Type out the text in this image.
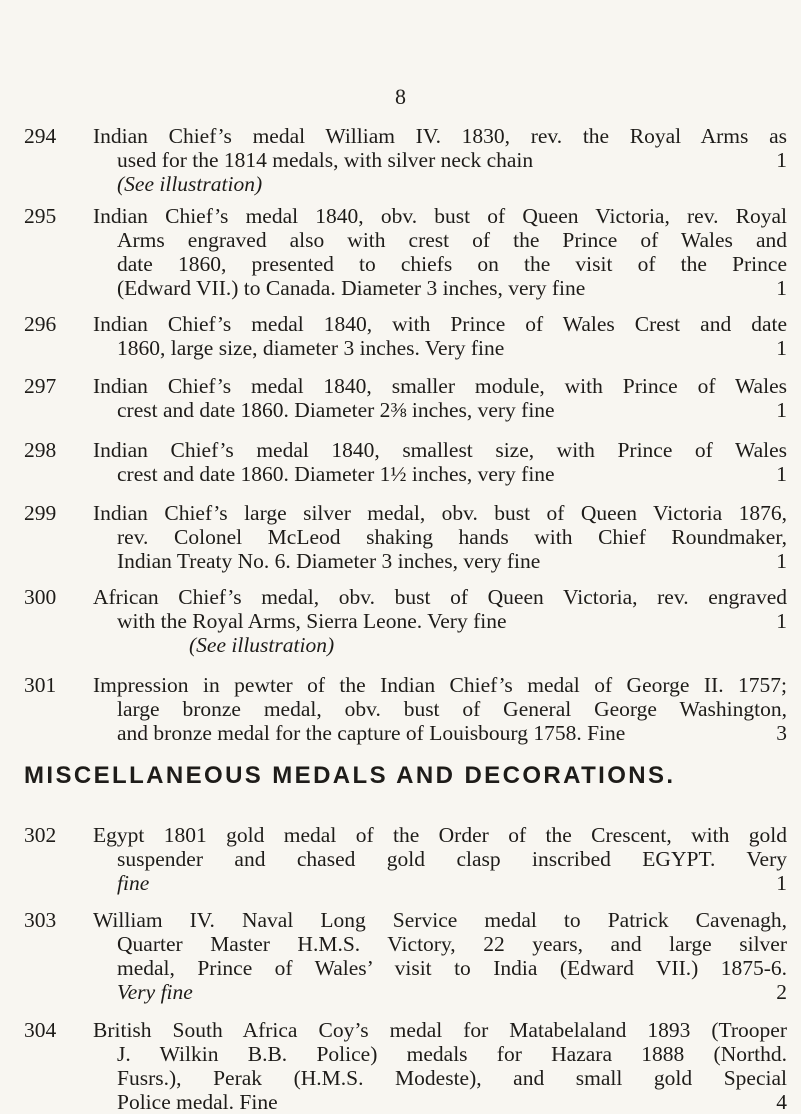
8
294	Indian Chief’s medal William IV. 1830, rev. the Royal Arms as
used for the 1814 medals, with silver neck chain	1
(See illustration)
295	Indian Chief’s medal 1840, obv. bust of Queen Victoria, rev. Royal
Arms engraved also with crest of the Prince of Wales and
date 1860, presented to chiefs on the visit of the Prince
(Edward VII.) to Canada. Diameter 3 inches, very fine	1
296	Indian Chief’s medal 1840, with Prince of Wales Crest and date
1860, large size, diameter 3 inches. Very fine	1
297	Indian Chief’s medal 1840, smaller module, with Prince of Wales
crest and date 1860. Diameter 2⅜ inches, very fine	1
298	Indian Chief’s medal 1840, smallest size, with Prince of Wales
crest and date 1860. Diameter 1½ inches, very fine	1
299	Indian Chief’s large silver medal, obv. bust of Queen Victoria 1876,
rev. Colonel McLeod shaking hands with Chief Roundmaker,
Indian Treaty No. 6. Diameter 3 inches, very fine	1
300	African Chief’s medal, obv. bust of Queen Victoria, rev. engraved
with the Royal Arms, Sierra Leone. Very fine	1
(See illustration)
301	Impression in pewter of the Indian Chief’s medal of George II. 1757;
large bronze medal, obv. bust of General George Washington,
and bronze medal for the capture of Louisbourg 1758. Fine	3
MISCELLANEOUS MEDALS AND DECORATIONS.
302	Egypt 1801 gold medal of the Order of the Crescent, with gold
suspender and chased gold clasp inscribed EGYPT. Very
fine	1
303	William IV. Naval Long Service medal to Patrick Cavenagh,
Quarter Master H.M.S. Victory, 22 years, and large silver
medal, Prince of Wales’ visit to India (Edward VII.) 1875-6.
Very fine	2
304	British South Africa Coy’s medal for Matabelaland 1893 (Trooper
J. Wilkin B.B. Police) medals for Hazara 1888 (Northd.
Fusrs.), Perak (H.M.S. Modeste), and small gold Special
Police medal. Fine	4
